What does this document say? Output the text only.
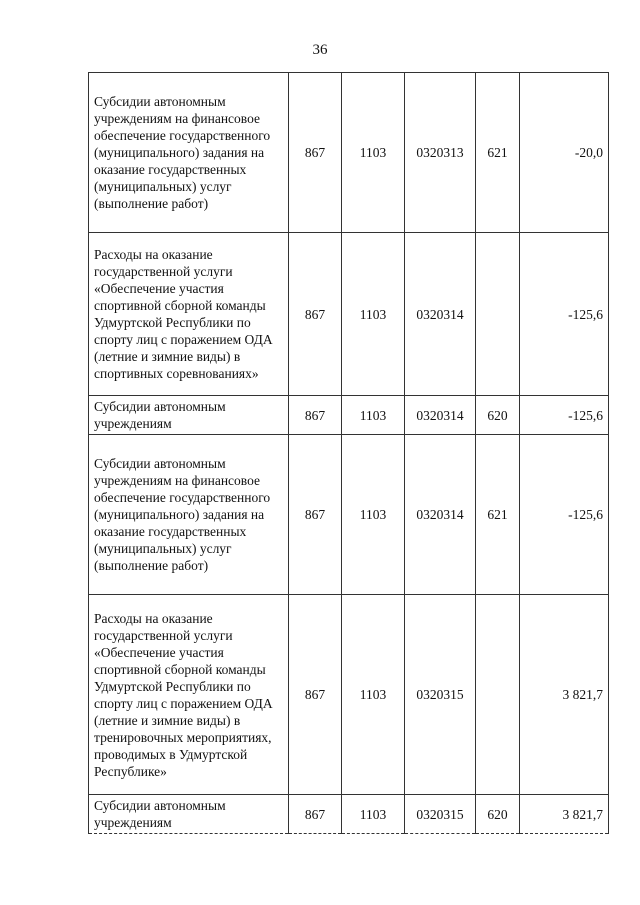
36
Субсидии автономным учреждениям на финансовое обеспечение государственного (муниципального) задания на оказание государственных (муниципальных) услуг (выполнение работ)	867	1103	0320313	621	-20,0
Расходы на оказание государственной услуги «Обеспечение участия спортивной сборной команды Удмуртской Республики по спорту лиц с поражением ОДА (летние и зимние виды) в спортивных соревнованиях»	867	1103	0320314		-125,6
Субсидии автономным учреждениям	867	1103	0320314	620	-125,6
Субсидии автономным учреждениям на финансовое обеспечение государственного (муниципального) задания на оказание государственных (муниципальных) услуг (выполнение работ)	867	1103	0320314	621	-125,6
Расходы на оказание государственной услуги «Обеспечение участия спортивной сборной команды Удмуртской Республики по спорту лиц с поражением ОДА (летние и зимние виды) в тренировочных мероприятиях, проводимых в Удмуртской Республике»	867	1103	0320315		3 821,7
Субсидии автономным учреждениям	867	1103	0320315	620	3 821,7
